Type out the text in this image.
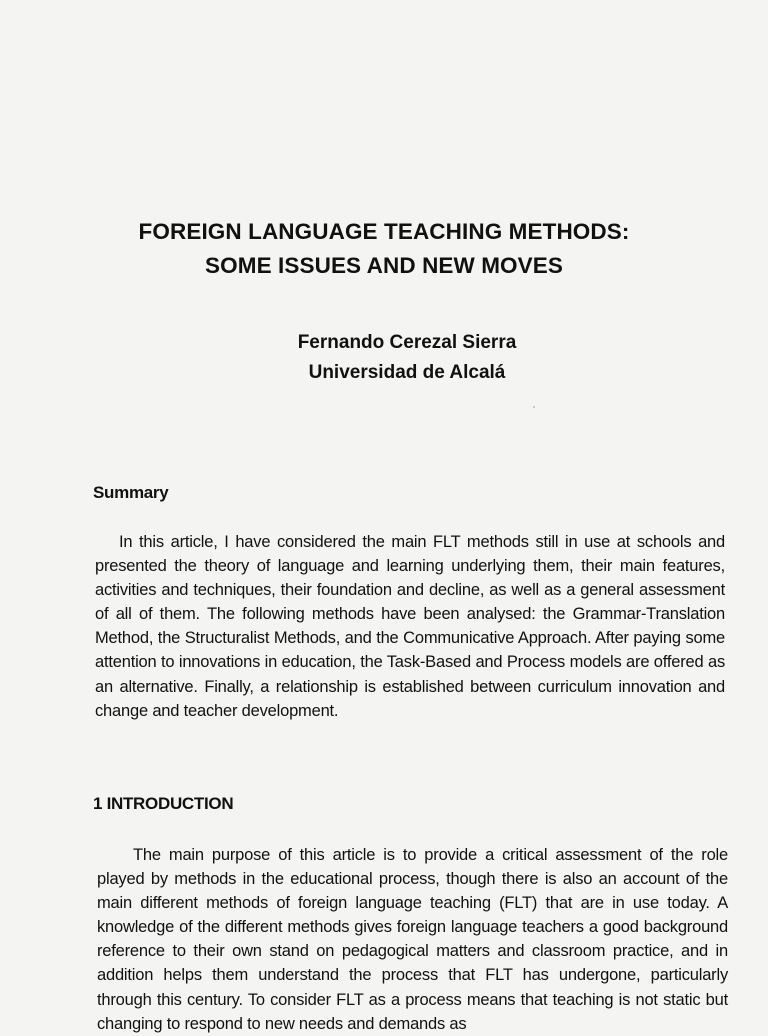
FOREIGN LANGUAGE TEACHING METHODS:
SOME ISSUES AND NEW MOVES
Fernando Cerezal Sierra
Universidad de Alcalá
Summary

In this article, I have considered the main FLT methods still in use at schools and presented the theory of language and learning underlying them, their main features, activities and techniques, their foundation and decline, as well as a general assessment of all of them. The following methods have been analysed: the Grammar-Translation Method, the Structuralist Methods, and the Communicative Approach. After paying some attention to innovations in education, the Task-Based and Process models are offered as an alternative. Finally, a relationship is established between curriculum innovation and change and teacher development.

1 INTRODUCTION

The main purpose of this article is to provide a critical assessment of the role played by methods in the educational process, though there is also an account of the main different methods of foreign language teaching (FLT) that are in use today. A knowledge of the different methods gives foreign language teachers a good background reference to their own stand on pedagogical matters and classroom practice, and in addition helps them understand the process that FLT has undergone, particularly through this century. To consider FLT as a process means that teaching is not static but changing to respond to new needs and demands as
